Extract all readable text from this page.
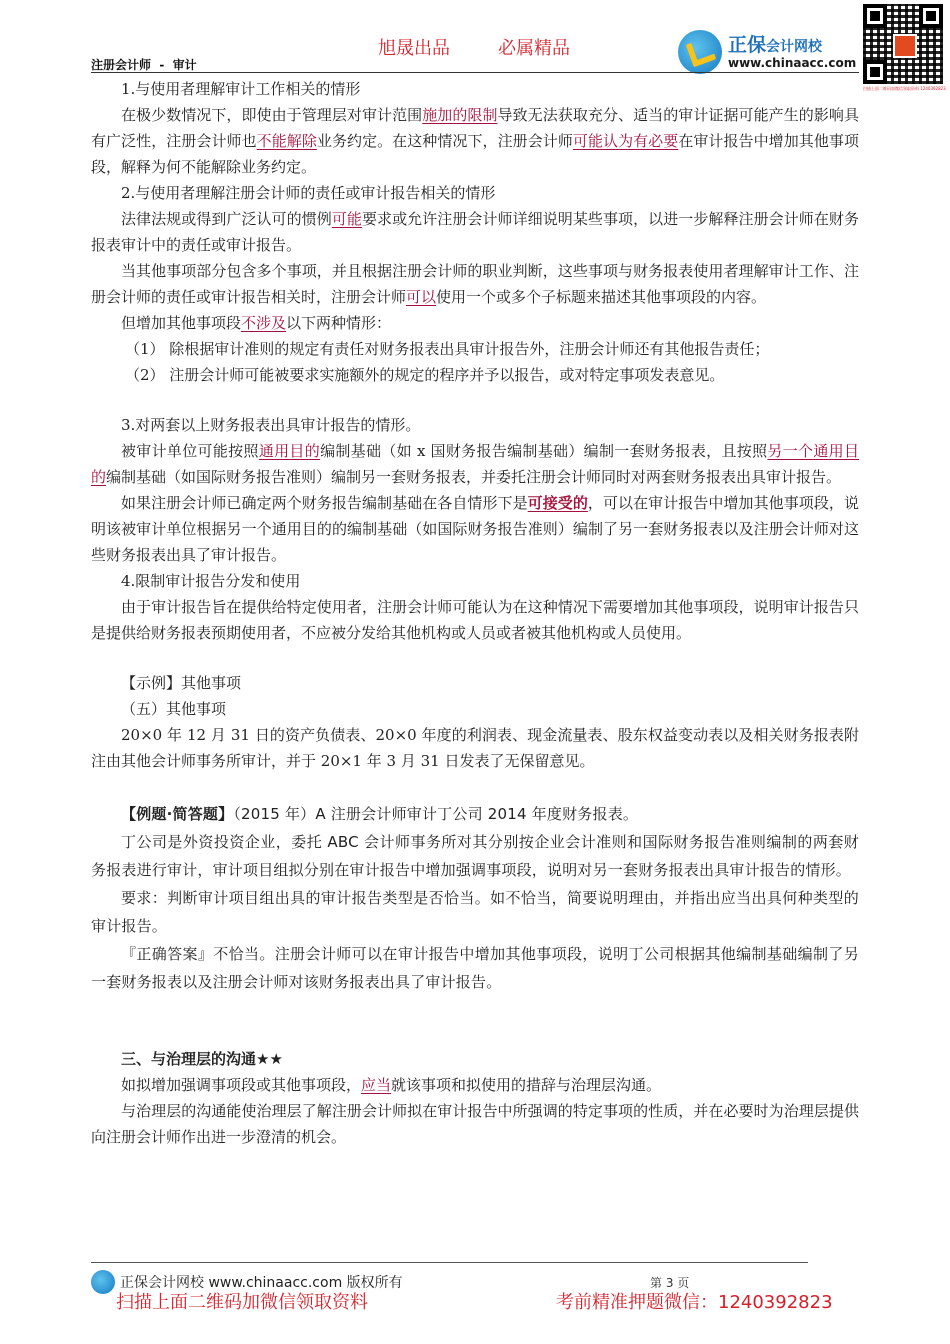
旭晟出品	必属精品	正保会计网校
www.chinaacc.com
扫描上面二维码加微信领取资料 1240392823
注册会计师 - 审计

1.与使用者理解审计工作相关的情形

在极少数情况下，即使由于管理层对审计范围施加的限制导致无法获取充分、适当的审计证据可能产生的影响具有广泛性，注册会计师也不能解除业务约定。在这种情况下，注册会计师可能认为有必要在审计报告中增加其他事项段，解释为何不能解除业务约定。

2.与使用者理解注册会计师的责任或审计报告相关的情形

法律法规或得到广泛认可的惯例可能要求或允许注册会计师详细说明某些事项，以进一步解释注册会计师在财务报表审计中的责任或审计报告。

当其他事项部分包含多个事项，并且根据注册会计师的职业判断，这些事项与财务报表使用者理解审计工作、注册会计师的责任或审计报告相关时，注册会计师可以使用一个或多个子标题来描述其他事项段的内容。

但增加其他事项段不涉及以下两种情形：

（1） 除根据审计准则的规定有责任对财务报表出具审计报告外，注册会计师还有其他报告责任；

（2） 注册会计师可能被要求实施额外的规定的程序并予以报告，或对特定事项发表意见。

3.对两套以上财务报表出具审计报告的情形。

被审计单位可能按照通用目的编制基础（如 x 国财务报告编制基础）编制一套财务报表，且按照另一个通用目的编制基础（如国际财务报告准则）编制另一套财务报表，并委托注册会计师同时对两套财务报表出具审计报告。

如果注册会计师已确定两个财务报告编制基础在各自情形下是可接受的，可以在审计报告中增加其他事项段，说明该被审计单位根据另一个通用目的的编制基础（如国际财务报告准则）编制了另一套财务报表以及注册会计师对这些财务报表出具了审计报告。

4.限制审计报告分发和使用

由于审计报告旨在提供给特定使用者，注册会计师可能认为在这种情况下需要增加其他事项段，说明审计报告只是提供给财务报表预期使用者，不应被分发给其他机构或人员或者被其他机构或人员使用。

【示例】其他事项

（五）其他事项

20×0 年 12 月 31 日的资产负债表、20×0 年度的利润表、现金流量表、股东权益变动表以及相关财务报表附注由其他会计师事务所审计，并于 20×1 年 3 月 31 日发表了无保留意见。

【例题·简答题】（2015 年）A 注册会计师审计丁公司 2014 年度财务报表。

丁公司是外资投资企业，委托 ABC 会计师事务所对其分别按企业会计准则和国际财务报告准则编制的两套财务报表进行审计，审计项目组拟分别在审计报告中增加强调事项段，说明对另一套财务报表出具审计报告的情形。

要求：判断审计项目组出具的审计报告类型是否恰当。如不恰当，简要说明理由，并指出应当出具何种类型的审计报告。

『正确答案』不恰当。注册会计师可以在审计报告中增加其他事项段，说明丁公司根据其他编制基础编制了另一套财务报表以及注册会计师对该财务报表出具了审计报告。

三、与治理层的沟通★★

如拟增加强调事项段或其他事项段，应当就该事项和拟使用的措辞与治理层沟通。

与治理层的沟通能使治理层了解注册会计师拟在审计报告中所强调的特定事项的性质，并在必要时为治理层提供向注册会计师作出进一步澄清的机会。

正保会计网校 www.chinaacc.com 版权所有	第 3 页
扫描上面二维码加微信领取资料	考前精准押题微信：1240392823
